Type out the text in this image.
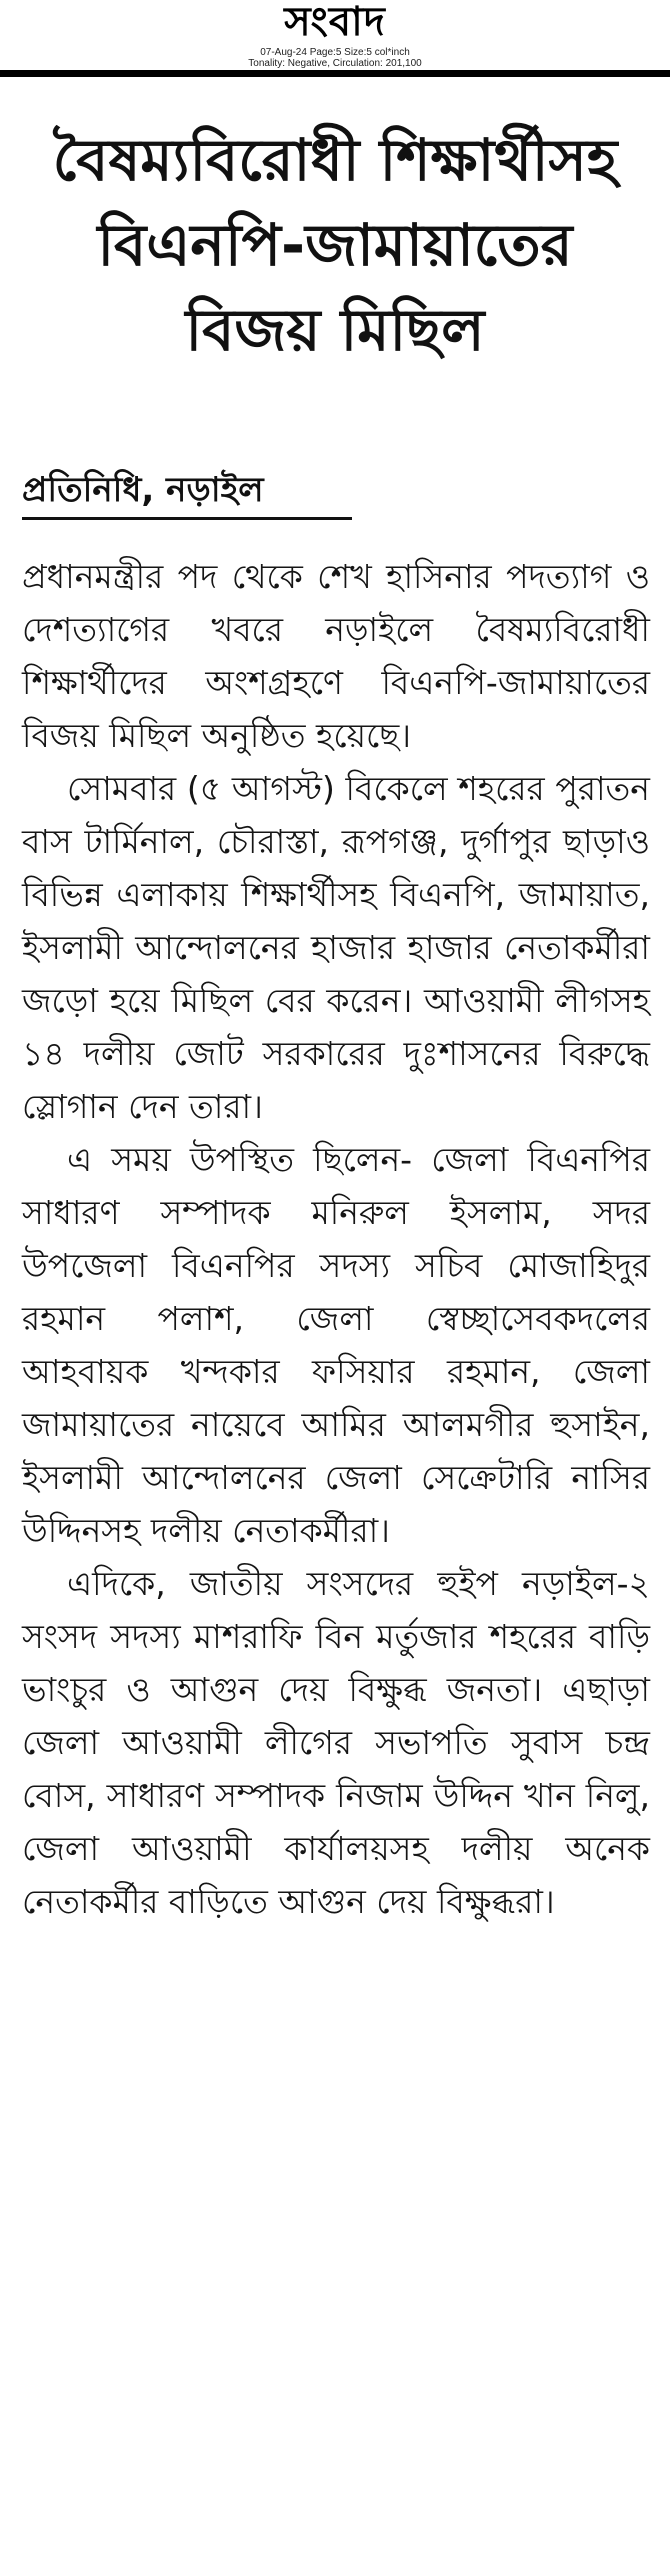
সংবাদ
07-Aug-24 Page:5 Size:5 col*inch
Tonality: Negative, Circulation: 201,100
বৈষম্যবিরোধী শিক্ষার্থীসহ
বিএনপি-জামায়াতের
বিজয় মিছিল
প্রতিনিধি, নড়াইল

প্রধানমন্ত্রীর পদ থেকে শেখ হাসিনার পদত্যাগ ও দেশত্যাগের খবরে নড়াইলে বৈষম্যবিরোধী শিক্ষার্থীদের অংশগ্রহণে বিএনপি-জামায়াতের বিজয় মিছিল অনুষ্ঠিত হয়েছে।

সোমবার (৫ আগস্ট) বিকেলে শহরের পুরাতন বাস টার্মিনাল, চৌরাস্তা, রূপগঞ্জ, দুর্গাপুর ছাড়াও বিভিন্ন এলাকায় শিক্ষার্থীসহ বিএনপি, জামায়াত, ইসলামী আন্দোলনের হাজার হাজার নেতাকর্মীরা জড়ো হয়ে মিছিল বের করেন। আওয়ামী লীগসহ ১৪ দলীয় জোট সরকারের দুঃশাসনের বিরুদ্ধে স্লোগান দেন তারা।

এ সময় উপস্থিত ছিলেন- জেলা বিএনপির সাধারণ সম্পাদক মনিরুল ইসলাম, সদর উপজেলা বিএনপির সদস্য সচিব মোজাহিদুর রহমান পলাশ, জেলা স্বেচ্ছাসেবকদলের আহবায়ক খন্দকার ফসিয়ার রহমান, জেলা জামায়াতের নায়েবে আমির আলমগীর হুসাইন, ইসলামী আন্দোলনের জেলা সেক্রেটারি নাসির উদ্দিনসহ দলীয় নেতাকর্মীরা।

এদিকে, জাতীয় সংসদের হুইপ নড়াইল-২ সংসদ সদস্য মাশরাফি বিন মর্তুজার শহরের বাড়ি ভাংচুর ও আগুন দেয় বিক্ষুব্ধ জনতা। এছাড়া জেলা আওয়ামী লীগের সভাপতি সুবাস চন্দ্র বোস, সাধারণ সম্পাদক নিজাম উদ্দিন খান নিলু, জেলা আওয়ামী কার্যালয়সহ দলীয় অনেক নেতাকর্মীর বাড়িতে আগুন দেয় বিক্ষুব্ধরা।
